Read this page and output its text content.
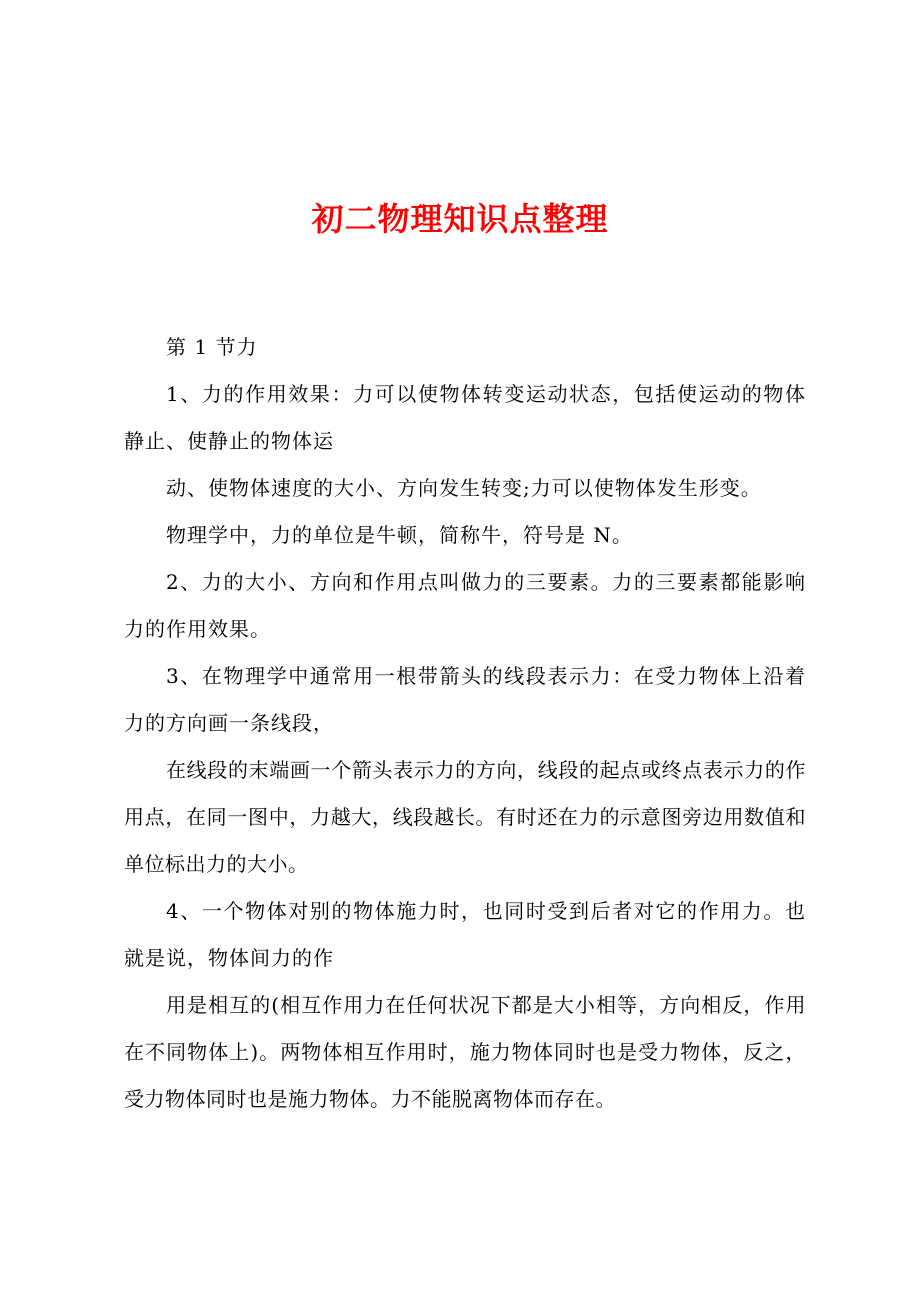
初二物理知识点整理

第 1 节力

1、力的作用效果：力可以使物体转变运动状态，包括使运动的物体静止、使静止的物体运

动、使物体速度的大小、方向发生转变;力可以使物体发生形变。

物理学中，力的单位是牛顿，简称牛，符号是 N。

2、力的大小、方向和作用点叫做力的三要素。力的三要素都能影响力的作用效果。

3、在物理学中通常用一根带箭头的线段表示力：在受力物体上沿着力的方向画一条线段，

在线段的末端画一个箭头表示力的方向，线段的起点或终点表示力的作用点，在同一图中，力越大，线段越长。有时还在力的示意图旁边用数值和单位标出力的大小。

4、一个物体对别的物体施力时，也同时受到后者对它的作用力。也就是说，物体间力的作

用是相互的(相互作用力在任何状况下都是大小相等，方向相反，作用在不同物体上)。两物体相互作用时，施力物体同时也是受力物体，反之，受力物体同时也是施力物体。力不能脱离物体而存在。
